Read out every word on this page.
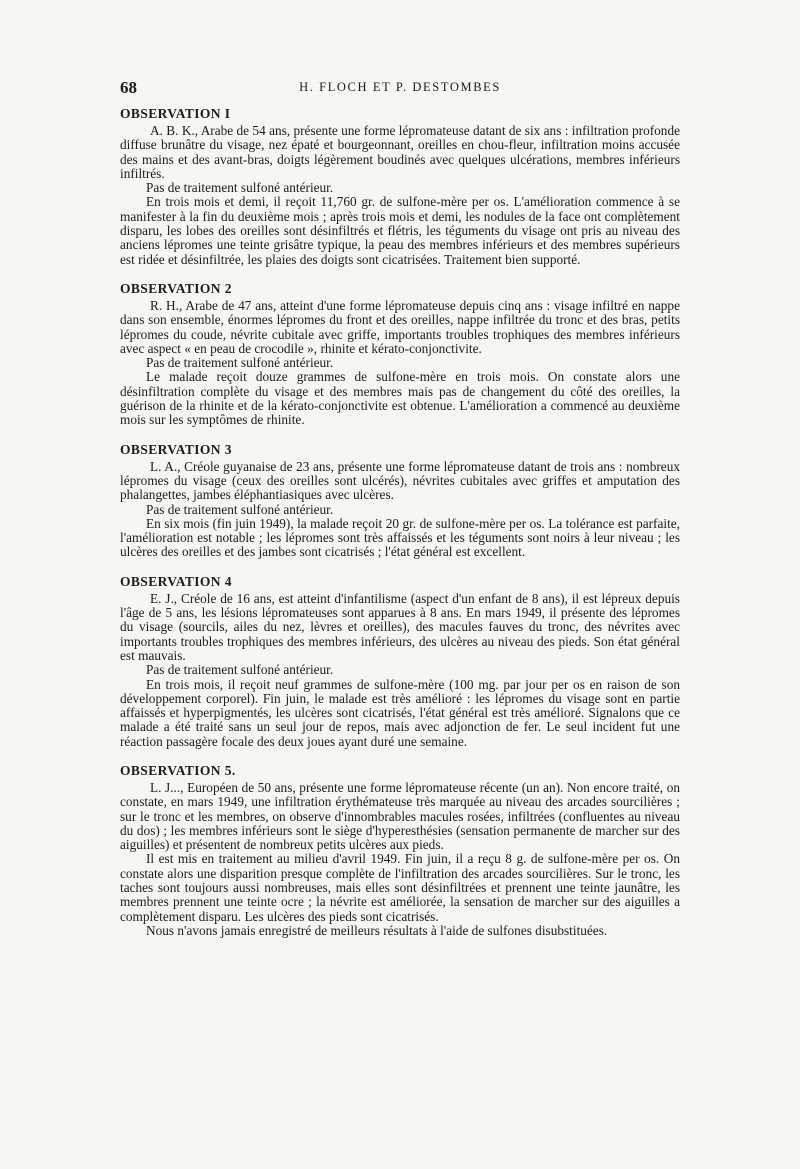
68	H. FLOCH ET P. DESTOMBES
OBSERVATION I

A. B. K., Arabe de 54 ans, présente une forme lépromateuse datant de six ans : infiltration profonde diffuse brunâtre du visage, nez épaté et bourgeonnant, oreilles en chou-fleur, infiltration moins accusée des mains et des avant-bras, doigts légèrement boudinés avec quelques ulcérations, membres inférieurs infiltrés.

Pas de traitement sulfoné antérieur.

En trois mois et demi, il reçoit 11,760 gr. de sulfone-mère per os. L'amélioration commence à se manifester à la fin du deuxième mois ; après trois mois et demi, les nodules de la face ont complètement disparu, les lobes des oreilles sont désinfiltrés et flétris, les téguments du visage ont pris au niveau des anciens lépromes une teinte grisâtre typique, la peau des membres inférieurs et des membres supérieurs est ridée et désinfiltrée, les plaies des doigts sont cicatrisées. Traitement bien supporté.

OBSERVATION 2

R. H., Arabe de 47 ans, atteint d'une forme lépromateuse depuis cinq ans : visage infiltré en nappe dans son ensemble, énormes lépromes du front et des oreilles, nappe infiltrée du tronc et des bras, petits lépromes du coude, névrite cubitale avec griffe, importants troubles trophiques des membres inférieurs avec aspect « en peau de crocodile », rhinite et kérato-conjonctivite.

Pas de traitement sulfoné antérieur.

Le malade reçoit douze grammes de sulfone-mère en trois mois. On constate alors une désinfiltration complète du visage et des membres mais pas de changement du côté des oreilles, la guérison de la rhinite et de la kérato-conjonctivite est obtenue. L'amélioration a commencé au deuxième mois sur les symptômes de rhinite.

OBSERVATION 3

L. A., Créole guyanaise de 23 ans, présente une forme lépromateuse datant de trois ans : nombreux lépromes du visage (ceux des oreilles sont ulcérés), névrites cubitales avec griffes et amputation des phalangettes, jambes éléphantiasiques avec ulcères.

Pas de traitement sulfoné antérieur.

En six mois (fin juin 1949), la malade reçoit 20 gr. de sulfone-mère per os. La tolérance est parfaite, l'amélioration est notable ; les lépromes sont très affaissés et les téguments sont noirs à leur niveau ; les ulcères des oreilles et des jambes sont cicatrisés ; l'état général est excellent.

OBSERVATION 4

E. J., Créole de 16 ans, est atteint d'infantilisme (aspect d'un enfant de 8 ans), il est lépreux depuis l'âge de 5 ans, les lésions lépromateuses sont apparues à 8 ans. En mars 1949, il présente des lépromes du visage (sourcils, ailes du nez, lèvres et oreilles), des macules fauves du tronc, des névrites avec importants troubles trophiques des membres inférieurs, des ulcères au niveau des pieds. Son état général est mauvais.

Pas de traitement sulfoné antérieur.

En trois mois, il reçoit neuf grammes de sulfone-mère (100 mg. par jour per os en raison de son développement corporel). Fin juin, le malade est très amélioré : les lépromes du visage sont en partie affaissés et hyperpigmentés, les ulcères sont cicatrisés, l'état général est très amélioré. Signalons que ce malade a été traité sans un seul jour de repos, mais avec adjonction de fer. Le seul incident fut une réaction passagère focale des deux joues ayant duré une semaine.

OBSERVATION 5.

L. J..., Européen de 50 ans, présente une forme lépromateuse récente (un an). Non encore traité, on constate, en mars 1949, une infiltration érythémateuse très marquée au niveau des arcades sourcilières ; sur le tronc et les membres, on observe d'innombrables macules rosées, infiltrées (confluentes au niveau du dos) ; les membres inférieurs sont le siège d'hyperesthésies (sensation permanente de marcher sur des aiguilles) et présentent de nombreux petits ulcères aux pieds.

Il est mis en traitement au milieu d'avril 1949. Fin juin, il a reçu 8 g. de sulfone-mère per os. On constate alors une disparition presque complète de l'infiltration des arcades sourcilières. Sur le tronc, les taches sont toujours aussi nombreuses, mais elles sont désinfiltrées et prennent une teinte jaunâtre, les membres prennent une teinte ocre ; la névrite est améliorée, la sensation de marcher sur des aiguilles a complètement disparu. Les ulcères des pieds sont cicatrisés.

Nous n'avons jamais enregistré de meilleurs résultats à l'aide de sulfones disubstituées.
